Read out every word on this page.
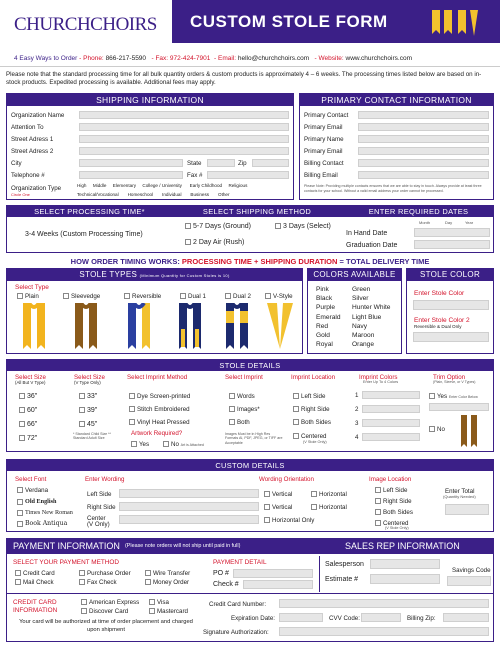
CHURCHCHOIRS CUSTOM STOLE FORM
4 Easy Ways to Order - Phone: 866-217-5590   - Fax: 972-424-7901  - Email: hello@churchchoirs.com   - Website: www.churchchoirs.com
Please note that the standard processing time for all bulk quantity orders & custom products is approximately 4 – 6 weeks. The processing times listed below are based on in-stock products. Expedited processing is available. Additional fees may apply.
SHIPPING INFORMATION
Organization Name
Attention To
Street Adress 1
Street Adress 2
City	State	Zip
Telephone #	Fax #
Organization Type
Circle One
High Middle Elementary College / University Early Childhood Religious
Technical/Vocational Homeschool Individual Business Other
PRIMARY CONTACT INFORMATION
Primary Contact
Primary Email
Primary Name
Primary Email
Billing Contact
Billing Email
Please Note: Providing multiple contacts ensures that we are able to stay in touch. Always provide at least three contacts for your school. Without a valid email address your order cannot be processed.
SELECT PROCESSING TIME*	SELECT SHIPPING METHOD	ENTER REQUIRED DATES
3-4 Weeks (Custom Processing Time)
5-7 Days (Ground)	3 Days (Select)
2 Day Air (Rush)
Month	Day	Year
In Hand Date
Graduation Date
HOW ORDER TIMING WORKS: PROCESSING TIME + SHIPPING DURATION = TOTAL DELIVERY TIME
STOLE TYPES (Minimum Quantity for Custom Stoles is 10)
Select Type
Plain	Sleevedge	Reversible	Dual 1	Dual 2	V-Style
COLORS AVAILABLE
Pink
Black
Purple
Emerald
Red
Gold
Royal
Green
Silver
Hunter White
Light Blue
Navy
Maroon
Orange
STOLE COLOR
Enter Stole Color
Enter Stole Color 2
Reversible & Dual Only
STOLE DETAILS
Select Size
(All But V Type)
36"
60"
66"
72"
Select Size
(V Type Only)
33"
39"
45"
* Standard Child Size ** Standard Adult Size
Select Imprint Method
Dye Screen-printed
Stitch Embroidered
Vinyl Heat Pressed
Artwork Required?
Yes	No Art is Attached
Select Imprint
Words
Images*
Both
Images Must be in High Res Formats AI, PDF, JPEG, or TIFF are Acceptable
Imprint Location
Left Side
Right Side
Both Sides
Centered
(V Stole Only)
Imprint Colors
Enter Up To 4 Colors
1
2
3
4
Trim Option
(Plain, Sleeve, or V Types)
Yes Enter Color Below
No
CUSTOM DETAILS
Select Font
Verdana
Old English
Times New Roman
Book Antiqua
Enter Wording
Left Side
Right Side
Center
(V Only)
Wording Orientation
Vertical	Horizontal
Vertical	Horizontal
Horizontal Only
Image Location
Left Side
Right Side
Both Sides
Centered
(V Stole Only)
Enter Total
(Quantity Needed)
PAYMENT INFORMATION (Please note orders will not ship until paid in full)	SALES REP INFORMATION
SELECT YOUR PAYMENT METHOD
Credit Card	Purchase Order	Wire Transfer
Mail Check	Fax Check	Money Order
PAYMENT DETAIL
PO #
Check #
Salesperson
Estimate #
Savings Code
CREDIT CARD INFORMATION
American Express	Visa
Discover Card	Mastercard
Your card will be authorized at time of order placement and charged upon shipment
Credit Card Number:
Expiration Date:	CVV Code:	Billing Zip:
Signature Authorization:
